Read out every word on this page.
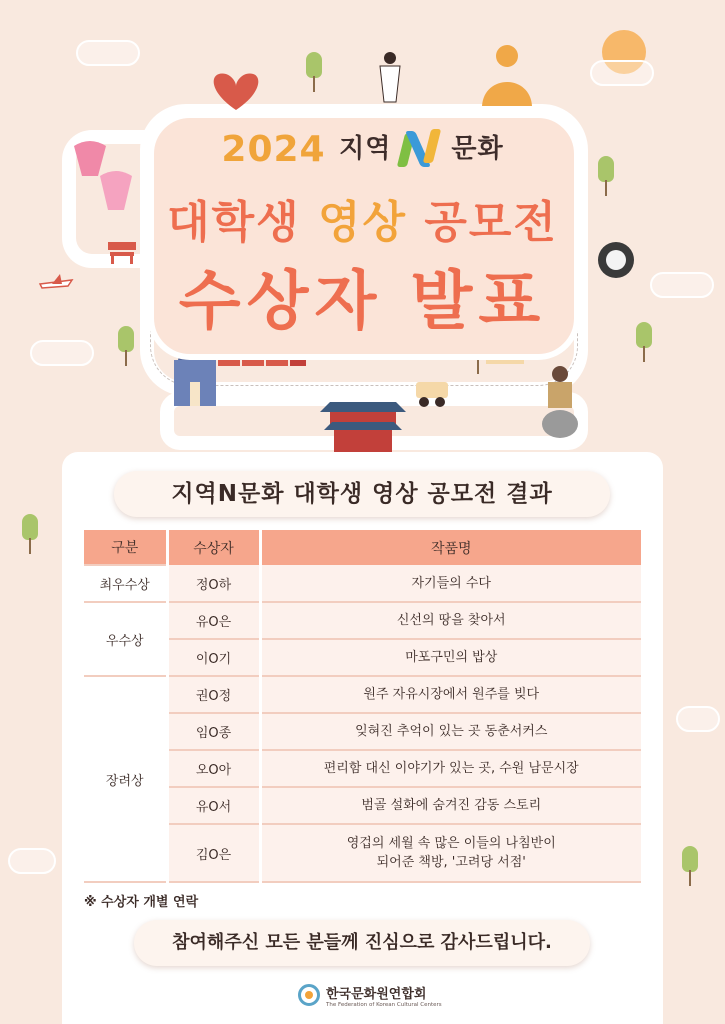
2024 지역 문화
대학생 영상 공모전
수상자 발표
지역N문화 대학생 영상 공모전 결과
구분	수상자	작품명
최우수상	정O하	자기들의 수다
우수상	유O은	신선의 땅을 찾아서
	이O기	마포구민의 밥상
장려상	권O정	원주 자유시장에서 원주를 빚다
	임O종	잊혀진 추억이 있는 곳 동춘서커스
	오O아	편리함 대신 이야기가 있는 곳, 수원 남문시장
	유O서	범골 설화에 숨겨진 감동 스토리
	김O은	영겁의 세월 속 많은 이들의 나침반이
되어준 책방, '고려당 서점'
※ 수상자 개별 연락
참여해주신 모든 분들께 진심으로 감사드립니다.
한국문화원연합회
The Federation of Korean Cultural Centers
